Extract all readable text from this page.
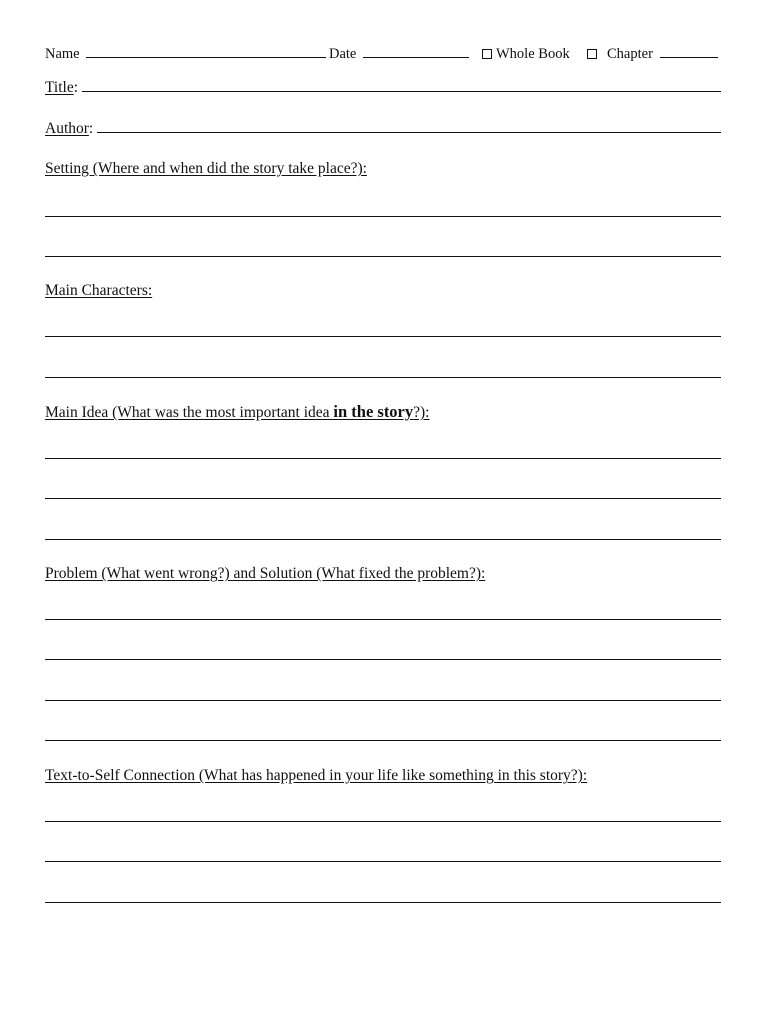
Name	Date	Whole Book	Chapter
Title :
Author :
Setting (Where and when did the story take place?):
Main Characters:
Main Idea (What was the most important idea in the story?):
Problem (What went wrong?) and Solution (What fixed the problem?):
Text-to-Self Connection (What has happened in your life like something in this story?):
